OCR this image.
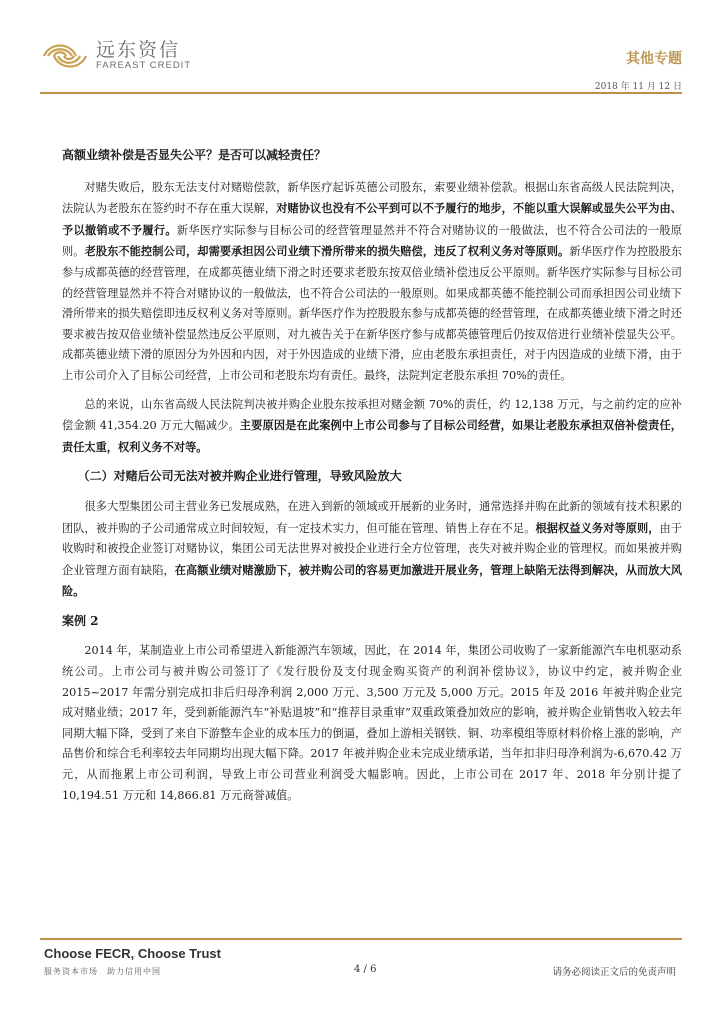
远东资信
FAREAST CREDIT	其他专题
2018 年 11 月 12 日

高额业绩补偿是否显失公平？是否可以减轻责任？

对赌失败后，股东无法支付对赌赔偿款，新华医疗起诉英德公司股东，索要业绩补偿款。根据山东省高级人民法院判决，法院认为老股东在签约时不存在重大误解，对赌协议也没有不公平到可以不予履行的地步，不能以重大误解或显失公平为由、予以撤销或不予履行。新华医疗实际参与目标公司的经营管理显然并不符合对赌协议的一般做法，也不符合公司法的一般原则。老股东不能控制公司，却需要承担因公司业绩下滑所带来的损失赔偿，违反了权利义务对等原则。新华医疗作为控股股东参与成都英德的经营管理，在成都英德业绩下滑之时还要求老股东按双倍业绩补偿违反公平原则。新华医疗实际参与目标公司的经营管理显然并不符合对赌协议的一般做法，也不符合公司法的一般原则。如果成都英德不能控制公司而承担因公司业绩下滑所带来的损失赔偿即违反权利义务对等原则。新华医疗作为控股股东参与成都英德的经营管理，在成都英德业绩下滑之时还要求被告按双倍业绩补偿显然违反公平原则，对九被告关于在新华医疗参与成都英德管理后仍按双倍进行业绩补偿显失公平。成都英德业绩下滑的原因分为外因和内因，对于外因造成的业绩下滑，应由老股东承担责任，对于内因造成的业绩下滑，由于上市公司介入了目标公司经营，上市公司和老股东均有责任。最终，法院判定老股东承担 70%的责任。

总的来说，山东省高级人民法院判决被并购企业股东按承担对赌金额 70%的责任，约 12,138 万元，与之前约定的应补偿金额 41,354.20 万元大幅减少。主要原因是在此案例中上市公司参与了目标公司经营，如果让老股东承担双倍补偿责任，责任太重，权利义务不对等。

（二）对赌后公司无法对被并购企业进行管理，导致风险放大

很多大型集团公司主营业务已发展成熟，在进入到新的领域或开展新的业务时，通常选择并购在此新的领域有技术积累的团队，被并购的子公司通常成立时间较短，有一定技术实力，但可能在管理、销售上存在不足。根据权益义务对等原则，由于收购时和被投企业签订对赌协议，集团公司无法世界对被投企业进行全方位管理，丧失对被并购企业的管理权。而如果被并购企业管理方面有缺陷，在高额业绩对赌激励下，被并购公司的容易更加激进开展业务，管理上缺陷无法得到解决，从而放大风险。

案例 2

2014 年，某制造业上市公司希望进入新能源汽车领域，因此，在 2014 年，集团公司收购了一家新能源汽车电机驱动系统公司。上市公司与被并购公司签订了《发行股份及支付现金购买资产的利润补偿协议》，协议中约定，被并购企业 2015~2017 年需分别完成扣非后归母净利润 2,000 万元、3,500 万元及 5,000 万元。2015 年及 2016 年被并购企业完成对赌业绩；2017 年，受到新能源汽车“补贴退坡”和“推荐目录重审”双重政策叠加效应的影响，被并购企业销售收入较去年同期大幅下降，受到了来自下游整车企业的成本压力的倒逼，叠加上游相关钢铁、铜、功率模组等原材料价格上涨的影响，产品售价和综合毛利率较去年同期均出现大幅下降。2017 年被并购企业未完成业绩承诺，当年扣非归母净利润为-6,670.42 万元，从而拖累上市公司利润，导致上市公司营业利润受大幅影响。因此，上市公司在 2017 年、2018 年分别计提了 10,194.51 万元和 14,866.81 万元商誉减值。

Choose FECR, Choose Trust
服务资本市场　助力信用中国	4 / 6	请务必阅读正文后的免责声明
